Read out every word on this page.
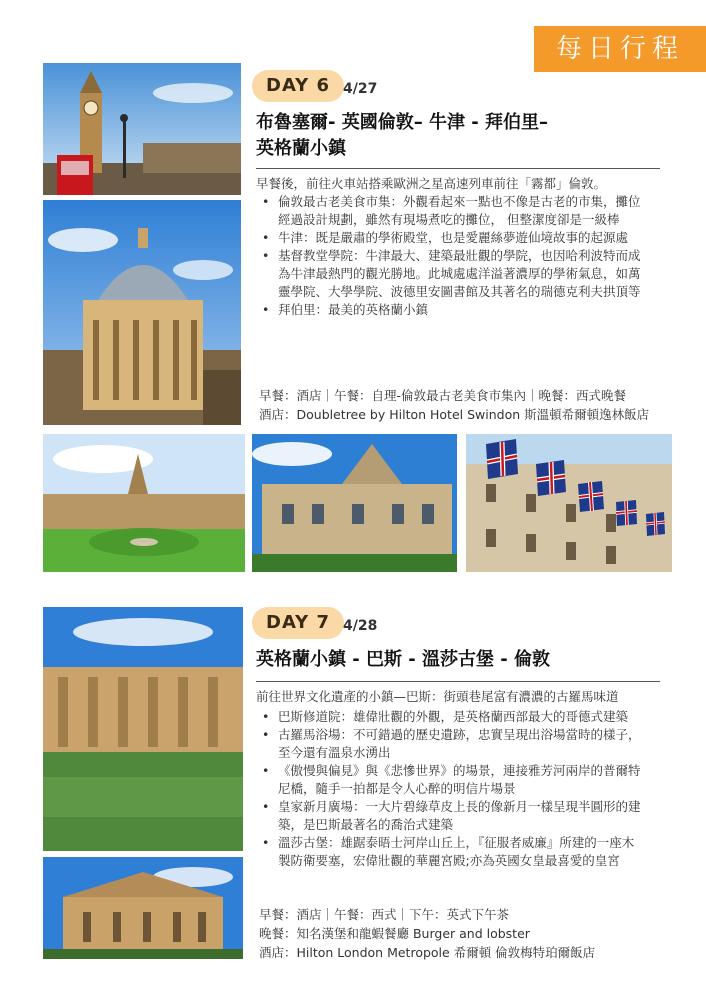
每日行程
DAY 6 4/27
布魯塞爾- 英國倫敦– 牛津 - 拜伯里–
英格蘭小鎮
早餐後，前往火車站搭乘歐洲之星高速列車前往「霧都」倫敦。
• 倫敦最古老美食市集：外觀看起來一點也不像是古老的市集，攤位
經過設計規劃，雖然有現場煮吃的攤位， 但整潔度卻是一級棒
• 牛津：既是嚴肅的學術殿堂，也是愛麗絲夢遊仙境故事的起源處
• 基督教堂學院：牛津最大、建築最壯觀的學院，也因哈利波特而成
為牛津最熱門的觀光勝地。此城處處洋溢著濃厚的學術氣息，如萬
靈學院、大學學院、波德里安圖書館及其著名的瑞德克利夫拱頂等
• 拜伯里：最美的英格蘭小鎮
早餐：酒店｜午餐：自理-倫敦最古老美食市集內｜晚餐：西式晚餐
酒店：Doubletree by Hilton Hotel Swindon 斯溫頓希爾頓逸林飯店
DAY 7 4/28
英格蘭小鎮 - 巴斯 - 溫莎古堡 - 倫敦
前往世界文化遺產的小鎮—巴斯：街頭巷尾富有濃濃的古羅馬味道
• 巴斯修道院：雄偉壯觀的外觀，是英格蘭西部最大的哥德式建築
• 古羅馬浴場：不可錯過的歷史遺跡，忠實呈現出浴場當時的樣子，
至今還有溫泉水湧出
• 《傲慢與偏見》與《悲慘世界》的場景，連接雅芳河兩岸的普爾特
尼橋，隨手一拍都是令人心醉的明信片場景
• 皇家新月廣場：一大片碧綠草皮上長的像新月一樣呈現半圓形的建
築，是巴斯最著名的喬治式建築
• 溫莎古堡：雄踞泰晤士河岸山丘上，『征服者威廉』所建的一座木
製防衛要塞，宏偉壯觀的華麗宮殿;亦為英國女皇最喜愛的皇宮
早餐：酒店｜午餐：西式｜下午：英式下午茶
晚餐：知名漢堡和龍蝦餐廳 Burger and lobster
酒店：Hilton London Metropole 希爾頓 倫敦梅特珀爾飯店
